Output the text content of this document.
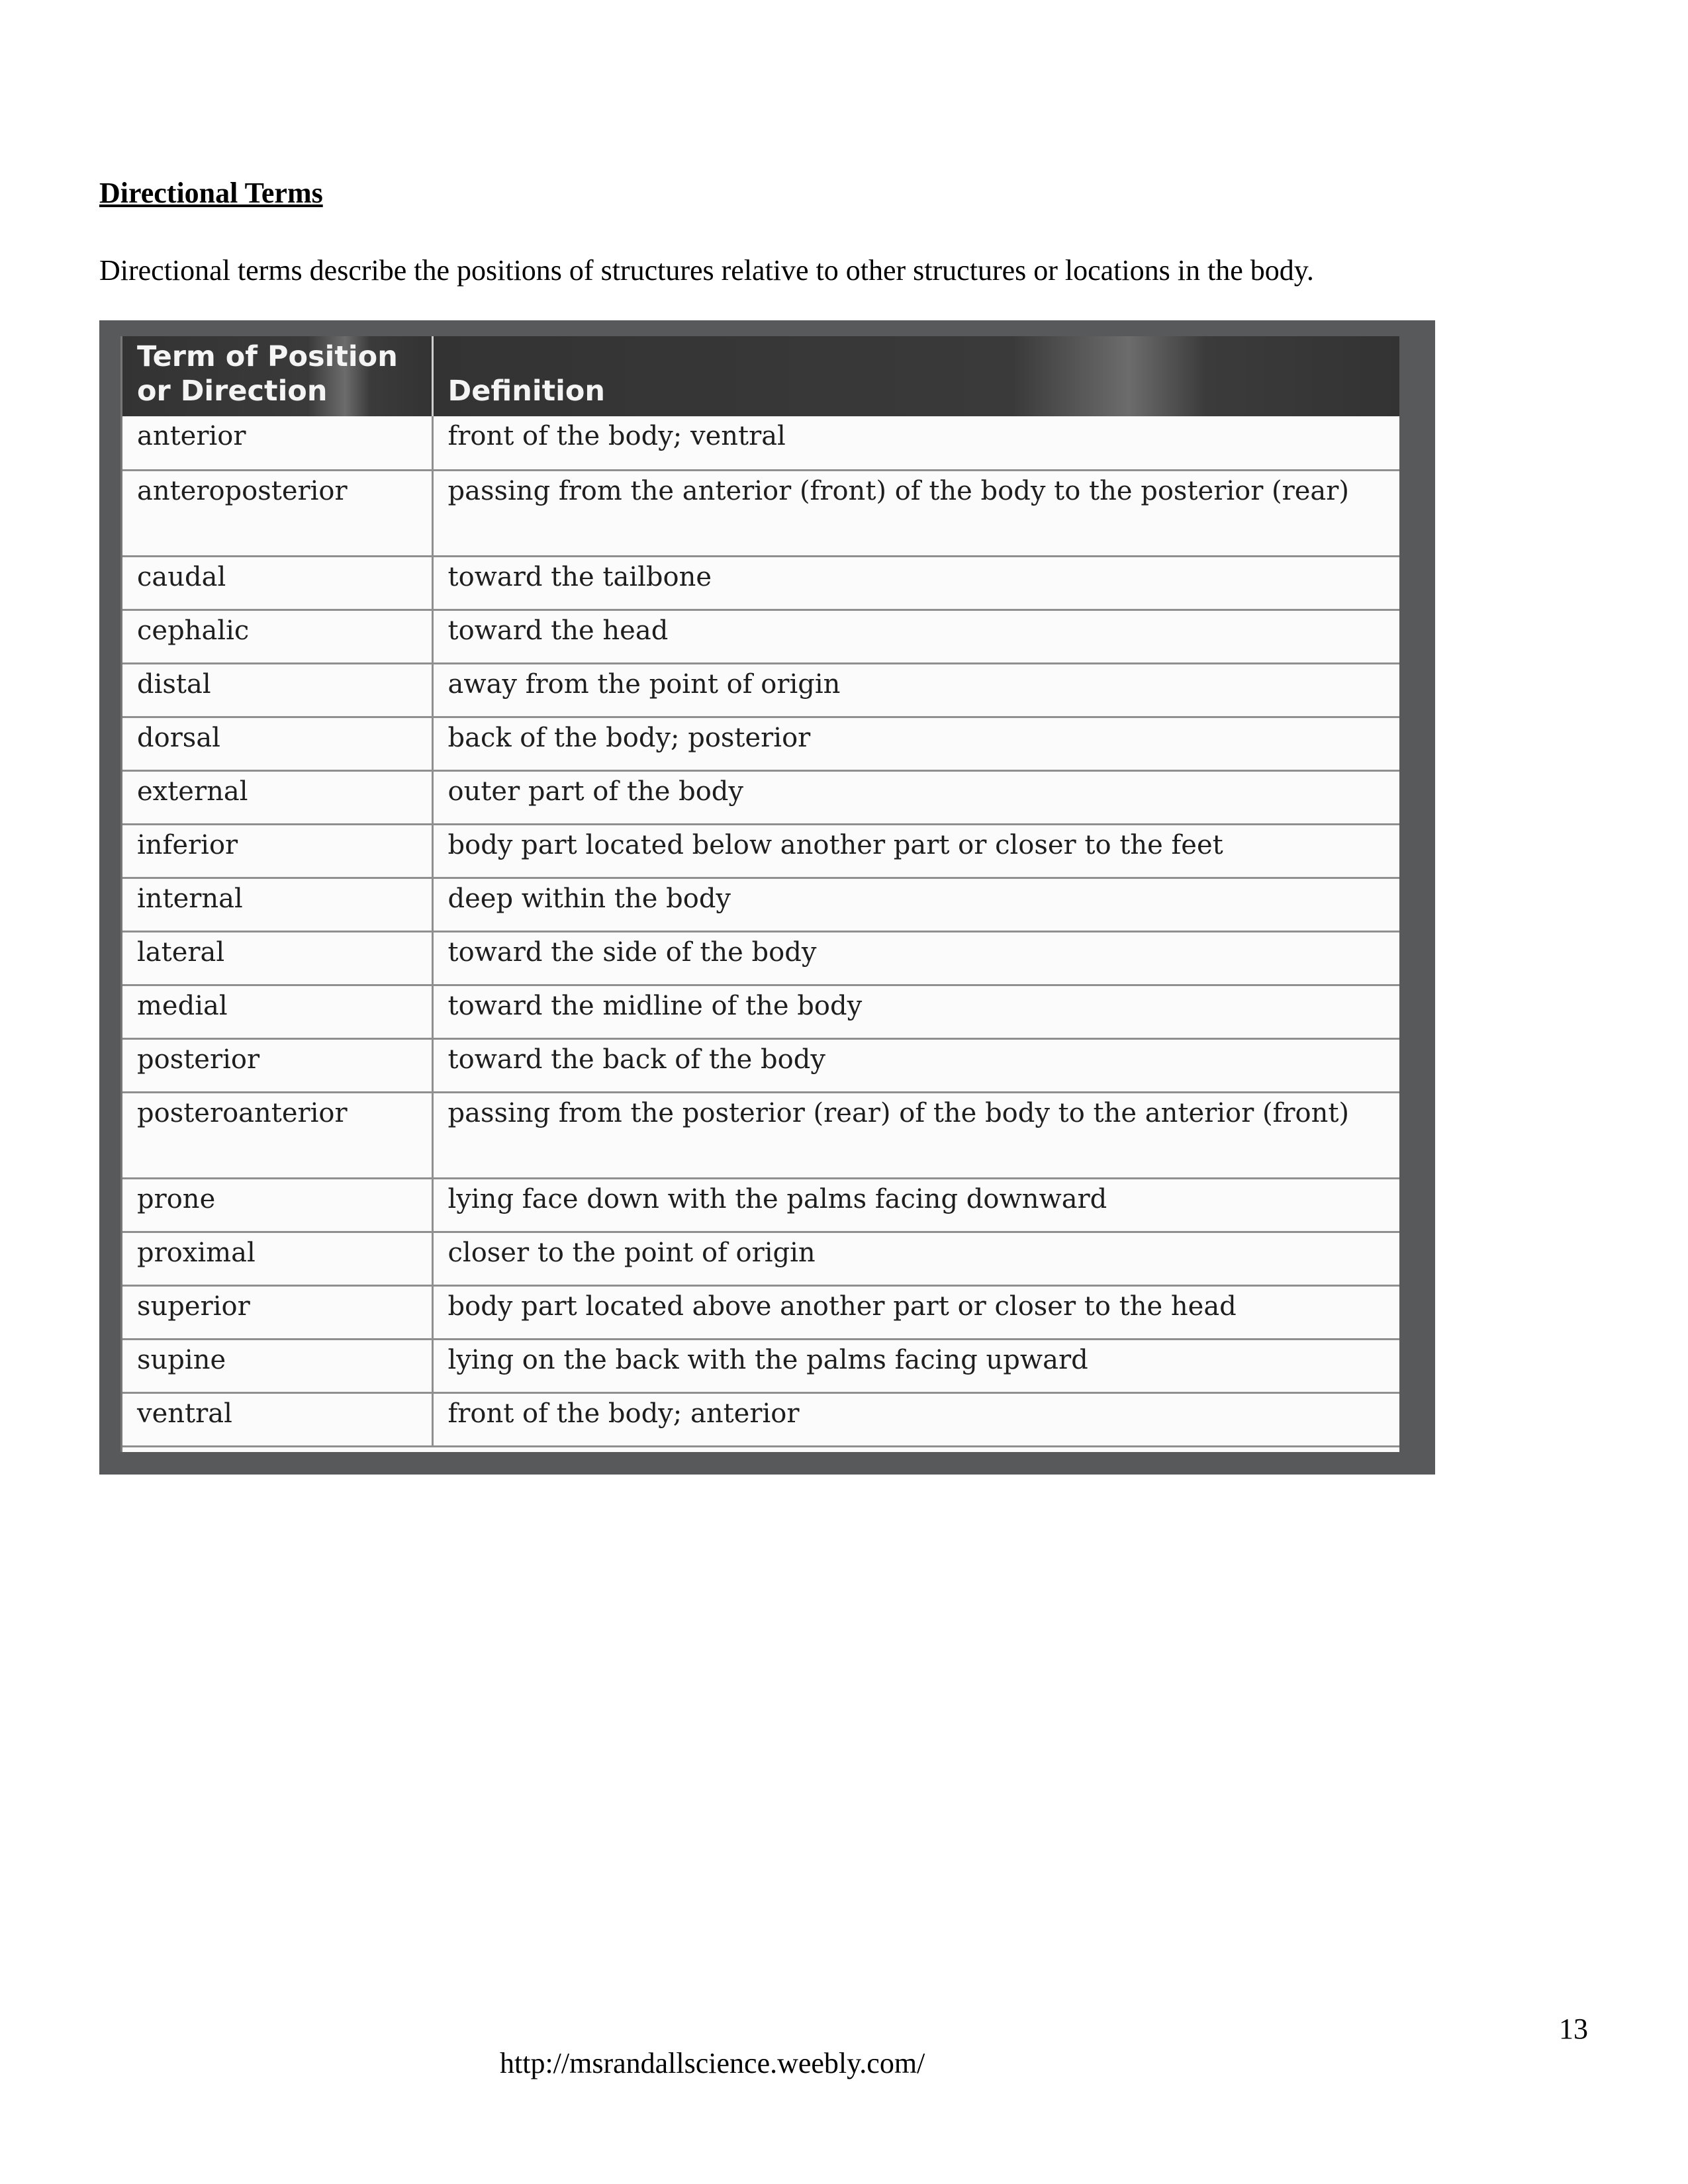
Directional Terms

Directional terms describe the positions of structures relative to other structures or locations in the body.

Term of Position
or Direction	Definition
anterior	front of the body; ventral
anteroposterior	passing from the anterior (front) of the body to the posterior (rear)
caudal	toward the tailbone
cephalic	toward the head
distal	away from the point of origin
dorsal	back of the body; posterior
external	outer part of the body
inferior	body part located below another part or closer to the feet
internal	deep within the body
lateral	toward the side of the body
medial	toward the midline of the body
posterior	toward the back of the body
posteroanterior	passing from the posterior (rear) of the body to the anterior (front)
prone	lying face down with the palms facing downward
proximal	closer to the point of origin
superior	body part located above another part or closer to the head
supine	lying on the back with the palms facing upward
ventral	front of the body; anterior

13

http://msrandallscience.weebly.com/
